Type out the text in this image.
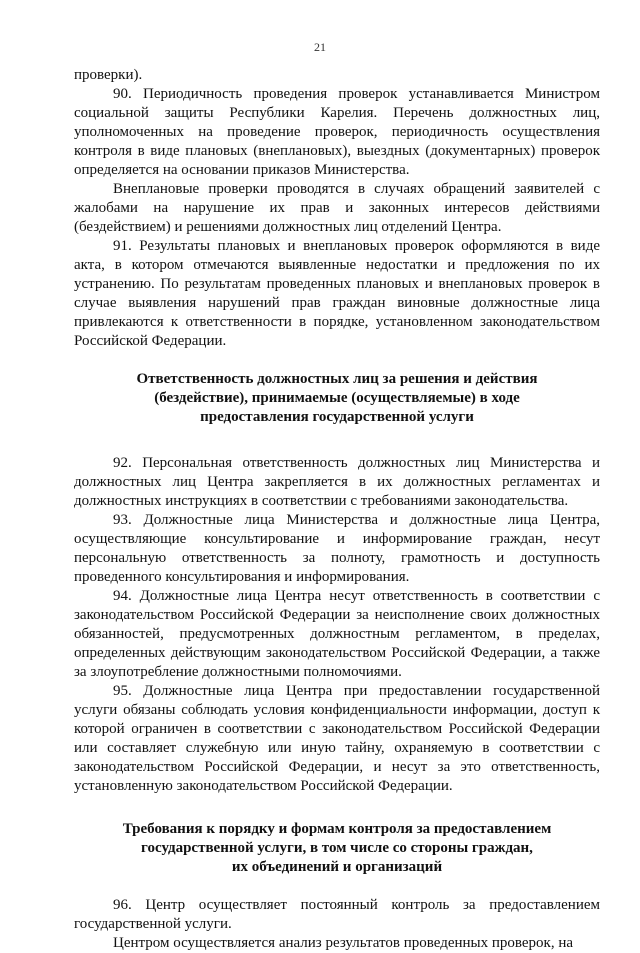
21

проверки).

90. Периодичность проведения проверок устанавливается Министром социальной защиты Республики Карелия. Перечень должностных лиц, уполномоченных на проведение проверок, периодичность осуществления контроля в виде плановых (внеплановых), выездных (документарных) проверок определяется на основании приказов Министерства.

Внеплановые проверки проводятся в случаях обращений заявителей с жалобами на нарушение их прав и законных интересов действиями (бездействием) и решениями должностных лиц отделений Центра.

91. Результаты плановых и внеплановых проверок оформляются в виде акта, в котором отмечаются выявленные недостатки и предложения по их устранению. По результатам проведенных плановых и внеплановых проверок в случае выявления нарушений прав граждан виновные должностные лица привлекаются к ответственности в порядке, установленном законодательством Российской Федерации.

Ответственность должностных лиц за решения и действия
(бездействие), принимаемые (осуществляемые) в ходе
предоставления государственной услуги

92. Персональная ответственность должностных лиц Министерства и должностных лиц Центра закрепляется в их должностных регламентах и должностных инструкциях в соответствии с требованиями законодательства.

93. Должностные лица Министерства и должностные лица Центра, осуществляющие консультирование и информирование граждан, несут персональную ответственность за полноту, грамотность и доступность проведенного консультирования и информирования.

94. Должностные лица Центра несут ответственность в соответствии с законодательством Российской Федерации за неисполнение своих должностных обязанностей, предусмотренных должностным регламентом, в пределах, определенных действующим законодательством Российской Федерации, а также за злоупотребление должностными полномочиями.

95. Должностные лица Центра при предоставлении государственной услуги обязаны соблюдать условия конфиденциальности информации, доступ к которой ограничен в соответствии с законодательством Российской Федерации или составляет служебную или иную тайну, охраняемую в соответствии с законодательством Российской Федерации, и несут за это ответственность, установленную законодательством Российской Федерации.

Требования к порядку и формам контроля за предоставлением
государственной услуги, в том числе со стороны граждан,
их объединений и организаций

96. Центр осуществляет постоянный контроль за предоставлением государственной услуги.

Центром осуществляется анализ результатов проведенных проверок, на
